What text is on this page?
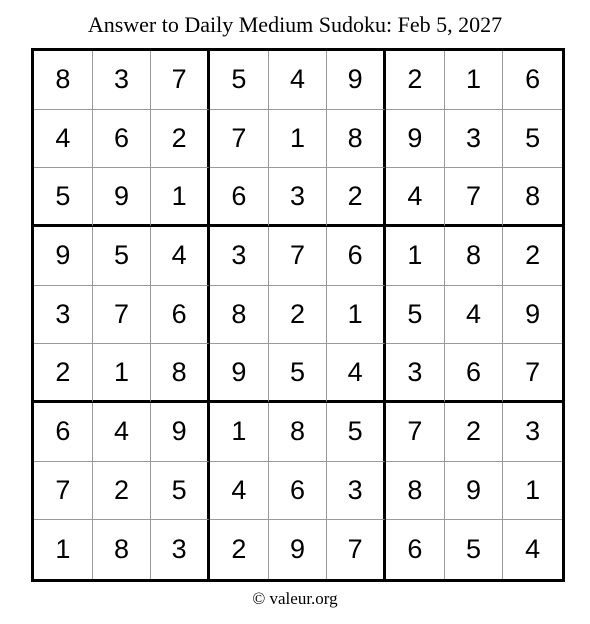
Answer to Daily Medium Sudoku: Feb 5, 2027
8	3	7	5	4	9	2	1	6
4	6	2	7	1	8	9	3	5
5	9	1	6	3	2	4	7	8
9	5	4	3	7	6	1	8	2
3	7	6	8	2	1	5	4	9
2	1	8	9	5	4	3	6	7
6	4	9	1	8	5	7	2	3
7	2	5	4	6	3	8	9	1
1	8	3	2	9	7	6	5	4
© valeur.org
